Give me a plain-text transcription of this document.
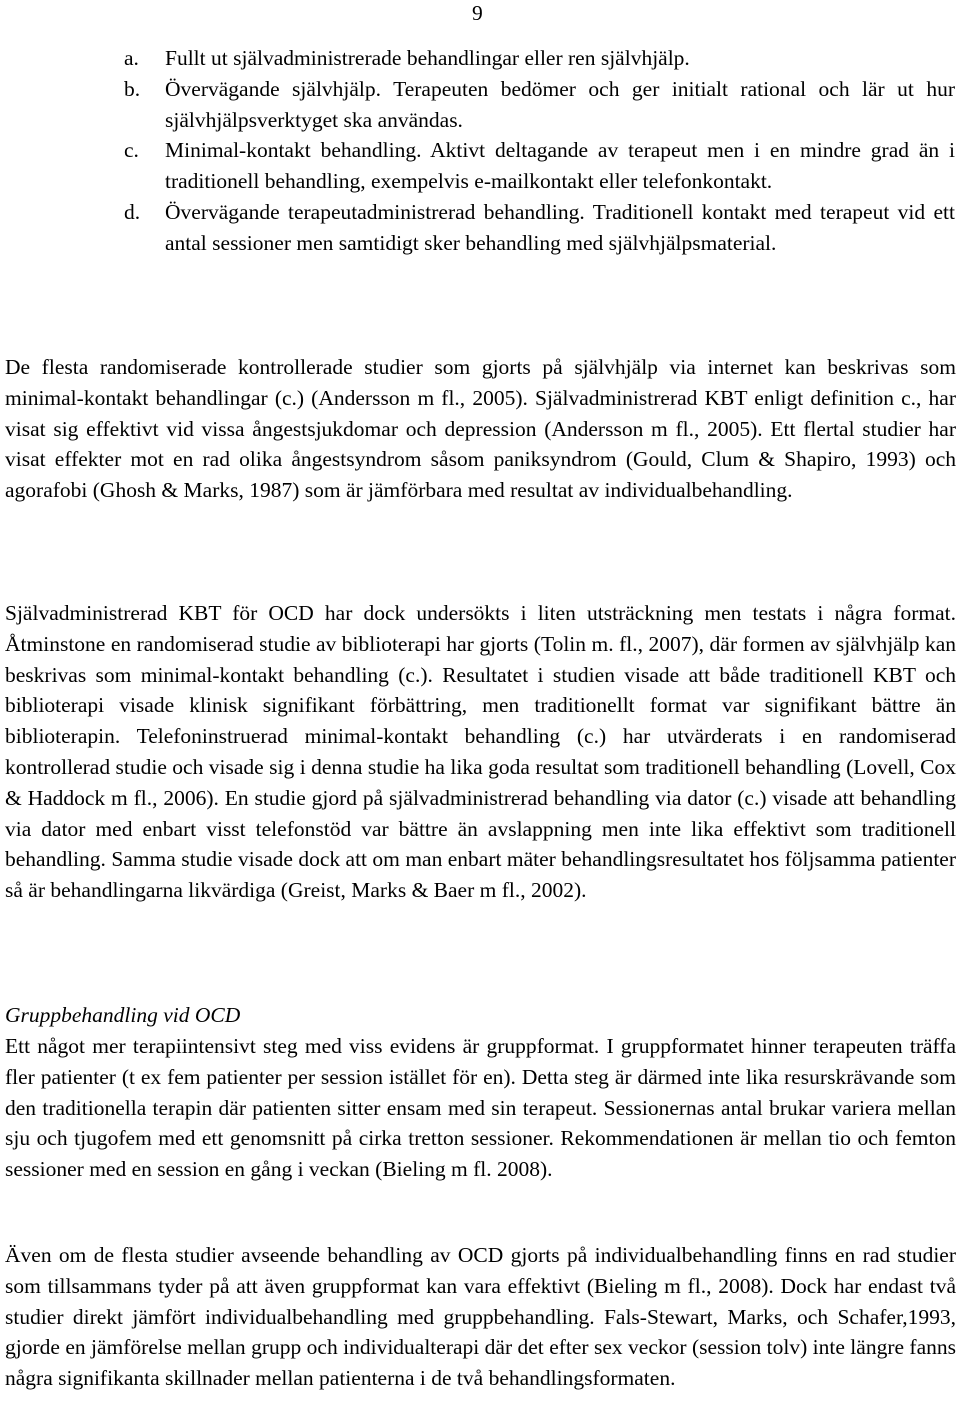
9
a. Fullt ut självadministrerade behandlingar eller ren självhjälp.
b. Övervägande självhjälp. Terapeuten bedömer och ger initialt rational och lär ut hur självhjälpsverktyget ska användas.
c. Minimal-kontakt behandling. Aktivt deltagande av terapeut men i en mindre grad än i traditionell behandling, exempelvis e-mailkontakt eller telefonkontakt.
d. Övervägande terapeutadministrerad behandling. Traditionell kontakt med terapeut vid ett antal sessioner men samtidigt sker behandling med självhjälpsmaterial.

De flesta randomiserade kontrollerade studier som gjorts på självhjälp via internet kan beskrivas som minimal-kontakt behandlingar (c.) (Andersson m fl., 2005). Självadministrerad KBT enligt definition c., har visat sig effektivt vid vissa ångestsjukdomar och depression (Andersson m fl., 2005). Ett flertal studier har visat effekter mot en rad olika ångestsyndrom såsom paniksyndrom (Gould, Clum & Shapiro, 1993) och agorafobi (Ghosh & Marks, 1987) som är jämförbara med resultat av individualbehandling.

Självadministrerad KBT för OCD har dock undersökts i liten utsträckning men testats i några format. Åtminstone en randomiserad studie av biblioterapi har gjorts (Tolin m. fl., 2007), där formen av självhjälp kan beskrivas som minimal-kontakt behandling (c.). Resultatet i studien visade att både traditionell KBT och biblioterapi visade klinisk signifikant förbättring, men traditionellt format var signifikant bättre än biblioterapin. Telefoninstruerad minimal-kontakt behandling (c.) har utvärderats i en randomiserad kontrollerad studie och visade sig i denna studie ha lika goda resultat som traditionell behandling (Lovell, Cox & Haddock m fl., 2006). En studie gjord på självadministrerad behandling via dator (c.) visade att behandling via dator med enbart visst telefonstöd var bättre än avslappning men inte lika effektivt som traditionell behandling. Samma studie visade dock att om man enbart mäter behandlingsresultatet hos följsamma patienter så är behandlingarna likvärdiga (Greist, Marks & Baer m fl., 2002).

Gruppbehandling vid OCD

Ett något mer terapiintensivt steg med viss evidens är gruppformat. I gruppformatet hinner terapeuten träffa fler patienter (t ex fem patienter per session istället för en). Detta steg är därmed inte lika resurskrävande som den traditionella terapin där patienten sitter ensam med sin terapeut. Sessionernas antal brukar variera mellan sju och tjugofem med ett genomsnitt på cirka tretton sessioner. Rekommendationen är mellan tio och femton sessioner med en session en gång i veckan (Bieling m fl. 2008).

Även om de flesta studier avseende behandling av OCD gjorts på individualbehandling finns en rad studier som tillsammans tyder på att även gruppformat kan vara effektivt (Bieling m fl., 2008). Dock har endast två studier direkt jämfört individualbehandling med gruppbehandling. Fals-Stewart, Marks, och Schafer,1993, gjorde en jämförelse mellan grupp och individualterapi där det efter sex veckor (session tolv) inte längre fanns några signifikanta skillnader mellan patienterna i de två behandlingsformaten.
